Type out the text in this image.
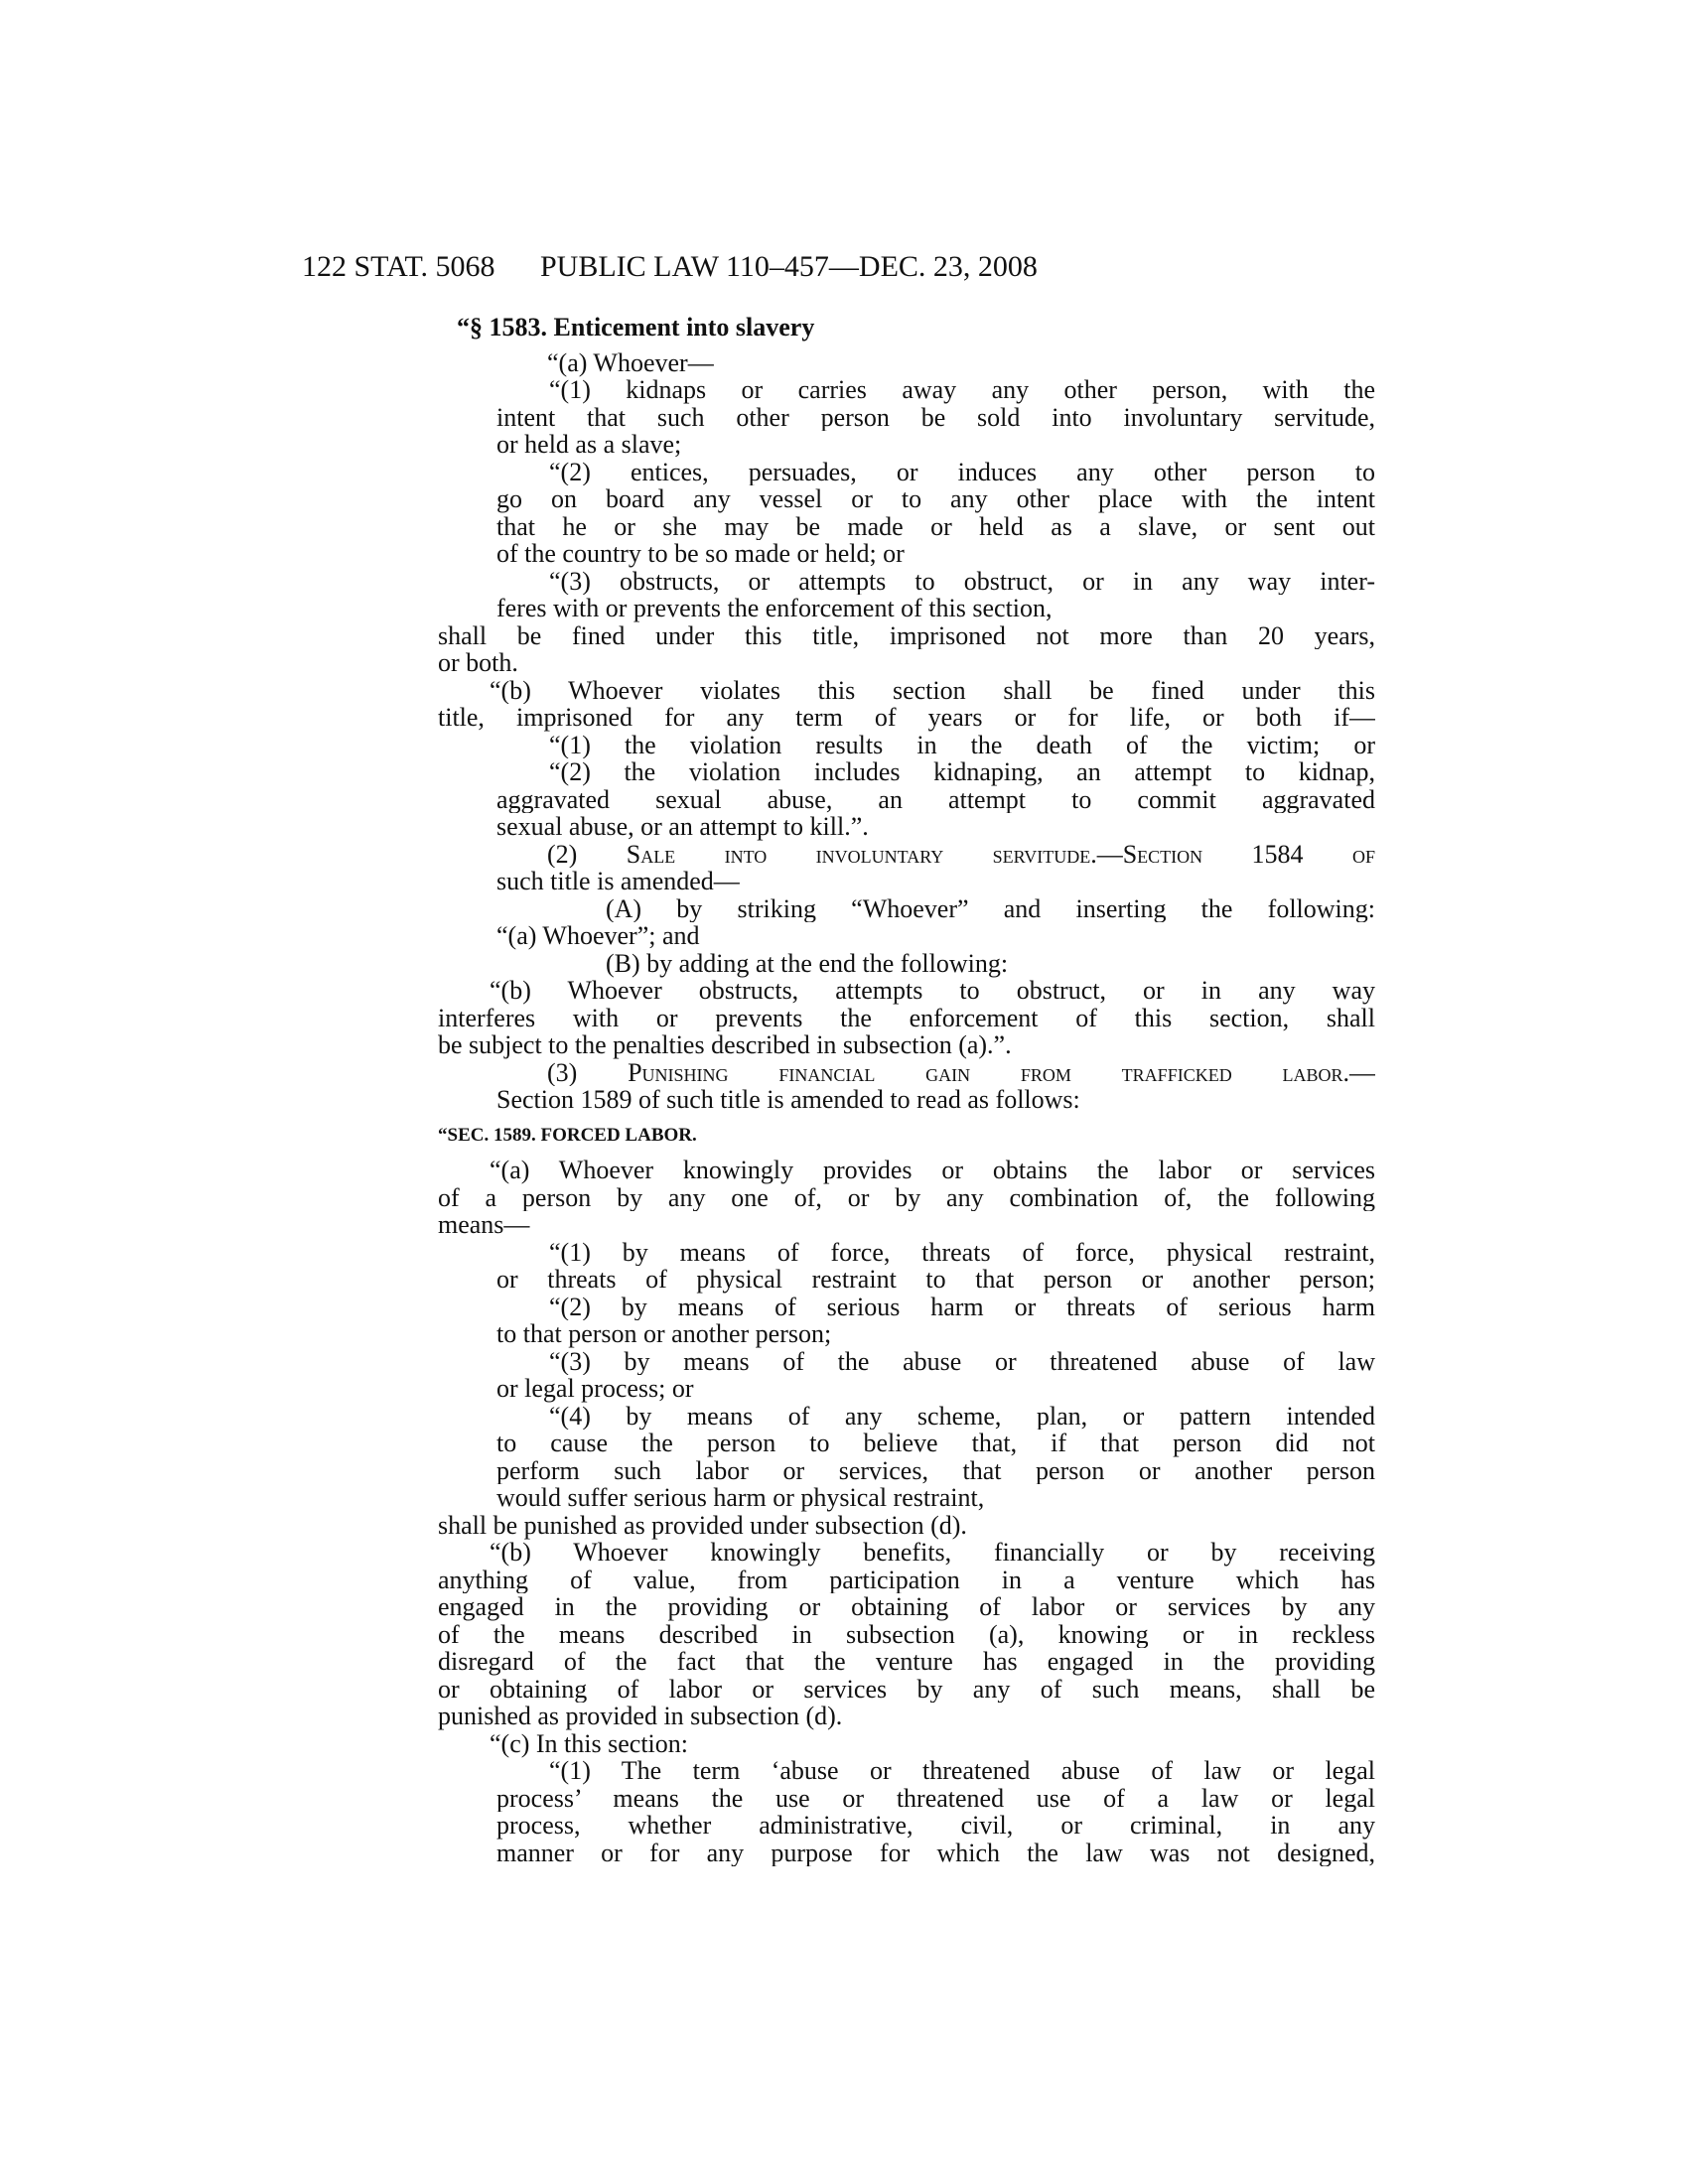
122 STAT. 5068 PUBLIC LAW 110–457—DEC. 23, 2008
“§ 1583. Enticement into slavery
“(a) Whoever—
“(1) kidnaps or carries away any other person, with the
intent that such other person be sold into involuntary servitude,
or held as a slave;
“(2) entices, persuades, or induces any other person to
go on board any vessel or to any other place with the intent
that he or she may be made or held as a slave, or sent out
of the country to be so made or held; or
“(3) obstructs, or attempts to obstruct, or in any way inter-
feres with or prevents the enforcement of this section,
shall be fined under this title, imprisoned not more than 20 years,
or both.
“(b) Whoever violates this section shall be fined under this
title, imprisoned for any term of years or for life, or both if—
“(1) the violation results in the death of the victim; or
“(2) the violation includes kidnaping, an attempt to kidnap,
aggravated sexual abuse, an attempt to commit aggravated
sexual abuse, or an attempt to kill.”.
(2) Sale into involuntary servitude.—Section 1584 of
such title is amended—
(A) by striking “Whoever” and inserting the following:
“(a) Whoever”; and
(B) by adding at the end the following:
“(b) Whoever obstructs, attempts to obstruct, or in any way
interferes with or prevents the enforcement of this section, shall
be subject to the penalties described in subsection (a).”.
(3) Punishing financial gain from trafficked labor.—
Section 1589 of such title is amended to read as follows:
“SEC. 1589. FORCED LABOR.
“(a) Whoever knowingly provides or obtains the labor or services
of a person by any one of, or by any combination of, the following
means—
“(1) by means of force, threats of force, physical restraint,
or threats of physical restraint to that person or another person;
“(2) by means of serious harm or threats of serious harm
to that person or another person;
“(3) by means of the abuse or threatened abuse of law
or legal process; or
“(4) by means of any scheme, plan, or pattern intended
to cause the person to believe that, if that person did not
perform such labor or services, that person or another person
would suffer serious harm or physical restraint,
shall be punished as provided under subsection (d).
“(b) Whoever knowingly benefits, financially or by receiving
anything of value, from participation in a venture which has
engaged in the providing or obtaining of labor or services by any
of the means described in subsection (a), knowing or in reckless
disregard of the fact that the venture has engaged in the providing
or obtaining of labor or services by any of such means, shall be
punished as provided in subsection (d).
“(c) In this section:
“(1) The term ‘abuse or threatened abuse of law or legal
process’ means the use or threatened use of a law or legal
process, whether administrative, civil, or criminal, in any
manner or for any purpose for which the law was not designed,
